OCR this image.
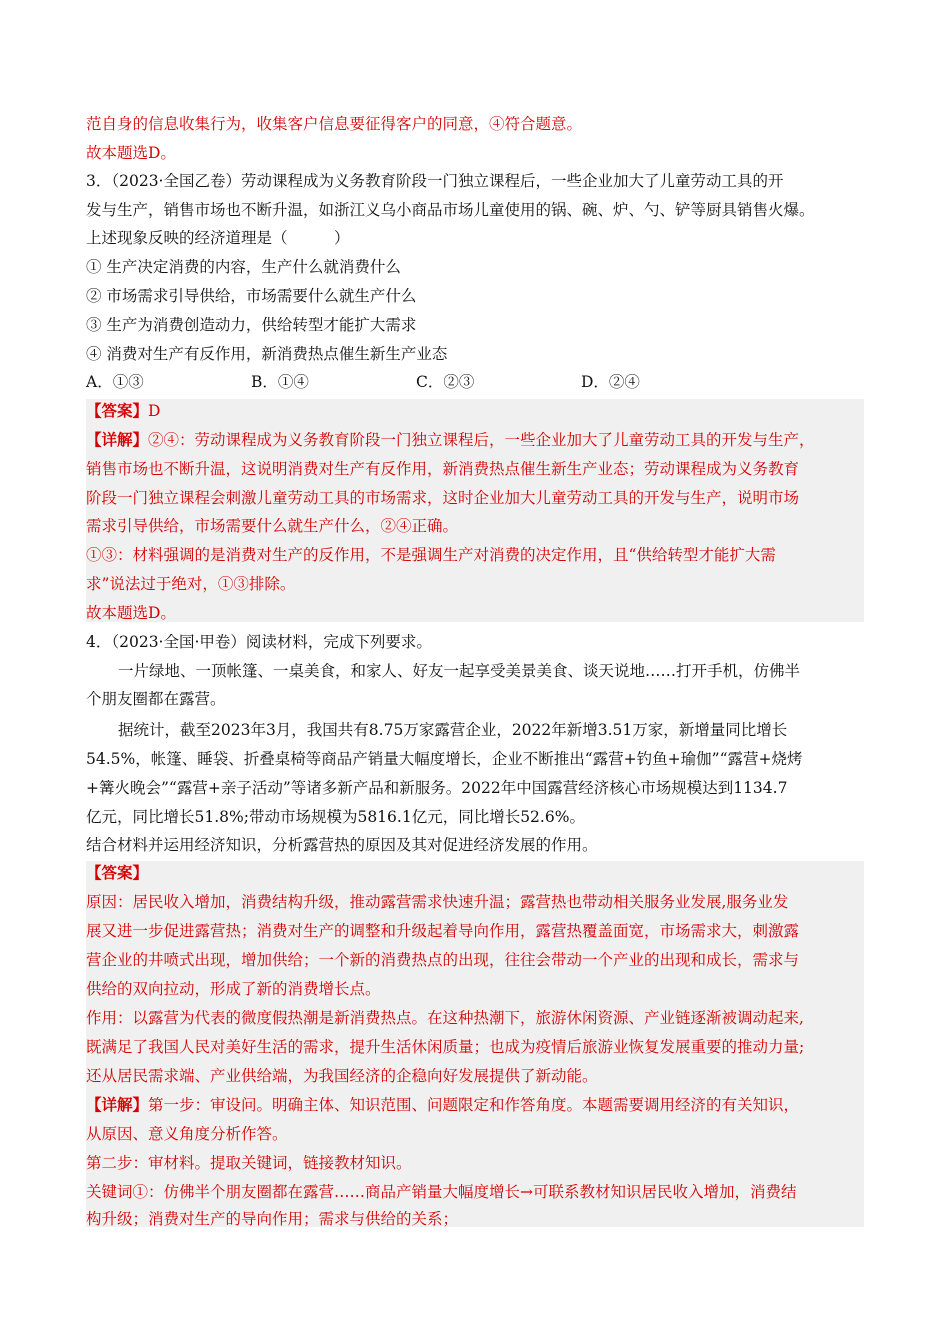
范自身的信息收集行为，收集客户信息要征得客户的同意，④符合题意。
故本题选D。
3．（2023·全国乙卷）劳动课程成为义务教育阶段一门独立课程后，一些企业加大了儿童劳动工具的开
发与生产，销售市场也不断升温，如浙江义乌小商品市场儿童使用的锅、碗、炉、勺、铲等厨具销售火爆。
上述现象反映的经济道理是（　　　）
① 生产决定消费的内容，生产什么就消费什么
② 市场需求引导供给，市场需要什么就生产什么
③ 生产为消费创造动力，供给转型才能扩大需求
④ 消费对生产有反作用，新消费热点催生新生产业态
A．①③	B．①④	C．②③	D．②④
【答案】D
【详解】②④：劳动课程成为义务教育阶段一门独立课程后，一些企业加大了儿童劳动工具的开发与生产，
销售市场也不断升温，这说明消费对生产有反作用，新消费热点催生新生产业态；劳动课程成为义务教育
阶段一门独立课程会刺激儿童劳动工具的市场需求，这时企业加大儿童劳动工具的开发与生产，说明市场
需求引导供给，市场需要什么就生产什么，②④正确。
①③：材料强调的是消费对生产的反作用，不是强调生产对消费的决定作用，且“供给转型才能扩大需
求”说法过于绝对，①③排除。
故本题选D。
4．（2023·全国·甲卷）阅读材料，完成下列要求。
一片绿地、一顶帐篷、一桌美食，和家人、好友一起享受美景美食、谈天说地……打开手机，仿佛半
个朋友圈都在露营。
据统计，截至2023年3月，我国共有8.75万家露营企业，2022年新增3.51万家，新增量同比增长
54.5%，帐篷、睡袋、折叠桌椅等商品产销量大幅度增长，企业不断推出“露营+钓鱼+瑜伽”“露营+烧烤
+篝火晚会”“露营+亲子活动”等诸多新产品和新服务。2022年中国露营经济核心市场规模达到1134.7
亿元，同比增长51.8%;带动市场规模为5816.1亿元，同比增长52.6%。
结合材料并运用经济知识，分析露营热的原因及其对促进经济发展的作用。
【答案】
原因：居民收入增加，消费结构升级，推动露营需求快速升温；露营热也带动相关服务业发展,服务业发
展又进一步促进露营热；消费对生产的调整和升级起着导向作用，露营热覆盖面宽，市场需求大，刺激露
营企业的井喷式出现，增加供给；一个新的消费热点的出现，往往会带动一个产业的出现和成长，需求与
供给的双向拉动，形成了新的消费增长点。
作用：以露营为代表的微度假热潮是新消费热点。在这种热潮下，旅游休闲资源、产业链逐渐被调动起来,
既满足了我国人民对美好生活的需求，提升生活休闲质量；也成为疫情后旅游业恢复发展重要的推动力量;
还从居民需求端、产业供给端，为我国经济的企稳向好发展提供了新动能。
【详解】第一步：审设问。明确主体、知识范围、问题限定和作答角度。本题需要调用经济的有关知识，
从原因、意义角度分析作答。
第二步：审材料。提取关键词，链接教材知识。
关键词①：仿佛半个朋友圈都在露营……商品产销量大幅度增长→可联系教材知识居民收入增加，消费结
构升级；消费对生产的导向作用；需求与供给的关系；
